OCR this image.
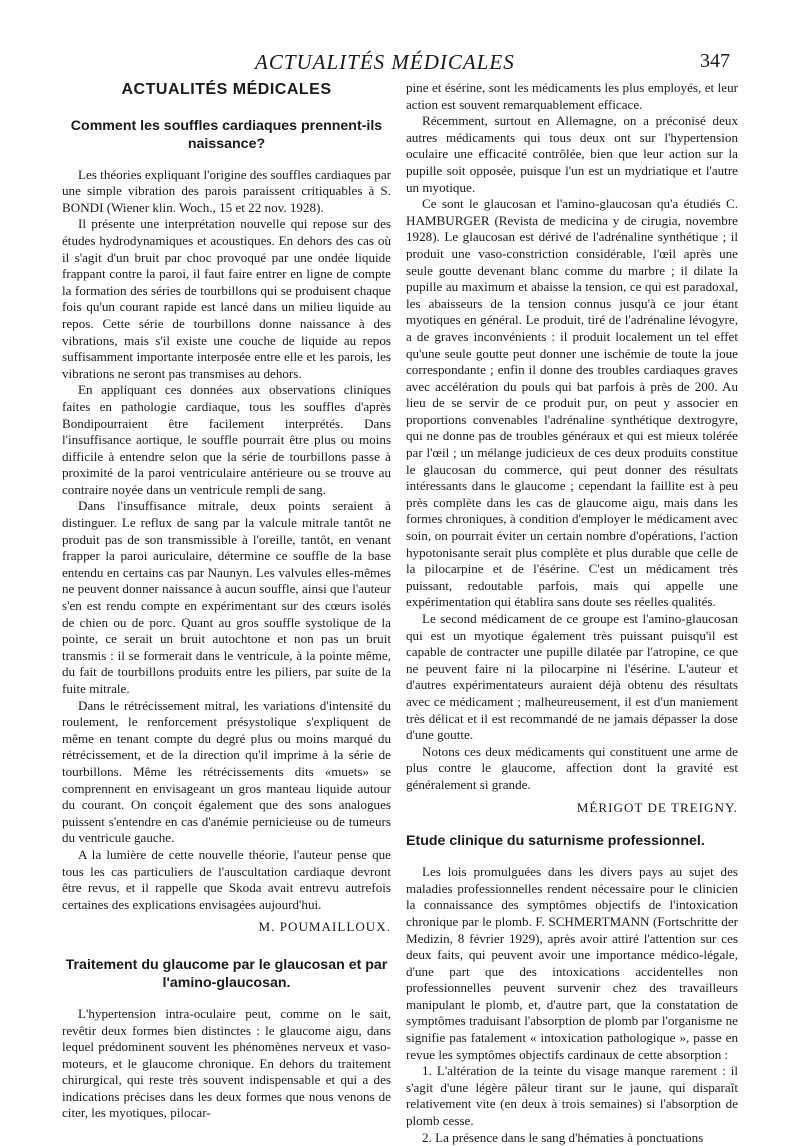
ACTUALITÉS MÉDICALES	347
ACTUALITÉS MÉDICALES
Comment les souffles cardiaques prennent-ils naissance?

Les théories expliquant l'origine des souffles cardiaques par une simple vibration des parois paraissent critiquables à S. BONDI (Wiener klin. Woch., 15 et 22 nov. 1928).

Il présente une interprétation nouvelle qui repose sur des études hydrodynamiques et acoustiques. En dehors des cas où il s'agit d'un bruit par choc provoqué par une ondée liquide frappant contre la paroi, il faut faire entrer en ligne de compte la formation des séries de tourbillons qui se produisent chaque fois qu'un courant rapide est lancé dans un milieu liquide au repos. Cette série de tourbillons donne naissance à des vibrations, mais s'il existe une couche de liquide au repos suffisamment importante interposée entre elle et les parois, les vibrations ne seront pas transmises au dehors.

En appliquant ces données aux observations cliniques faites en pathologie cardiaque, tous les souffles d'après Bondipourraient être facilement interprétés. Dans l'insuffisance aortique, le souffle pourrait être plus ou moins difficile à entendre selon que la série de tourbillons passe à proximité de la paroi ventriculaire antérieure ou se trouve au contraire noyée dans un ventricule rempli de sang.

Dans l'insuffisance mitrale, deux points seraient à distinguer. Le reflux de sang par la valcule mitrale tantôt ne produit pas de son transmissible à l'oreille, tantôt, en venant frapper la paroi auriculaire, détermine ce souffle de la base entendu en certains cas par Naunyn. Les valvules elles-mêmes ne peuvent donner naissance à aucun souffle, ainsi que l'auteur s'en est rendu compte en expérimentant sur des cœurs isolés de chien ou de porc. Quant au gros souffle systolique de la pointe, ce serait un bruit autochtone et non pas un bruit transmis : il se formerait dans le ventricule, à la pointe même, du fait de tourbillons produits entre les piliers, par suite de la fuite mitrale.

Dans le rétrécissement mitral, les variations d'intensité du roulement, le renforcement présystolique s'expliquent de même en tenant compte du degré plus ou moins marqué du rétrécissement, et de la direction qu'il imprime à la série de tourbillons. Même les rétrécissements dits «muets» se comprennent en envisageant un gros manteau liquide autour du courant. On conçoit également que des sons analogues puissent s'entendre en cas d'anémie pernicieuse ou de tumeurs du ventricule gauche.

A la lumière de cette nouvelle théorie, l'auteur pense que tous les cas particuliers de l'auscultation cardiaque devront être revus, et il rappelle que Skoda avait entrevu autrefois certaines des explications envisagées aujourd'hui.

M. POUMAILLOUX.
Traitement du glaucome par le glaucosan et par l'amino-glaucosan.

L'hypertension intra-oculaire peut, comme on le sait, revêtir deux formes bien distinctes : le glaucome aigu, dans lequel prédominent souvent les phénomènes nerveux et vaso-moteurs, et le glaucome chronique. En dehors du traitement chirurgical, qui reste très souvent indispensable et qui a des indications précises dans les deux formes que nous venons de citer, les myotiques, pilocar-

pine et ésérine, sont les médicaments les plus employés, et leur action est souvent remarquablement efficace.

Récemment, surtout en Allemagne, on a préconisé deux autres médicaments qui tous deux ont sur l'hypertension oculaire une efficacité contrôlée, bien que leur action sur la pupille soit opposée, puisque l'un est un mydriatique et l'autre un myotique.

Ce sont le glaucosan et l'amino-glaucosan qu'a étudiés C. HAMBURGER (Revista de medicina y de cirugia, novembre 1928). Le glaucosan est dérivé de l'adrénaline synthétique ; il produit une vaso-constriction considérable, l'œil après une seule goutte devenant blanc comme du marbre ; il dilate la pupille au maximum et abaisse la tension, ce qui est paradoxal, les abaisseurs de la tension connus jusqu'à ce jour étant myotiques en général. Le produit, tiré de l'adrénaline lévogyre, a de graves inconvénients : il produit localement un tel effet qu'une seule goutte peut donner une ischémie de toute la joue correspondante ; enfin il donne des troubles cardiaques graves avec accélération du pouls qui bat parfois à près de 200. Au lieu de se servir de ce produit pur, on peut y associer en proportions convenables l'adrénaline synthétique dextrogyre, qui ne donne pas de troubles généraux et qui est mieux tolérée par l'œil ; un mélange judicieux de ces deux produits constitue le glaucosan du commerce, qui peut donner des résultats intéressants dans le glaucome ; cependant la faillite est à peu près complète dans les cas de glaucome aigu, mais dans les formes chroniques, à condition d'employer le médicament avec soin, on pourrait éviter un certain nombre d'opérations, l'action hypotonisante serait plus complète et plus durable que celle de la pilocarpine et de l'ésérine. C'est un médicament très puissant, redoutable parfois, mais qui appelle une expérimentation qui établira sans doute ses réelles qualités.

Le second médicament de ce groupe est l'amino-glaucosan qui est un myotique également très puissant puisqu'il est capable de contracter une pupille dilatée par l'atropine, ce que ne peuvent faire ni la pilocarpine ni l'ésérine. L'auteur et d'autres expérimentateurs auraient déjà obtenu des résultats avec ce médicament ; malheureusement, il est d'un maniement très délicat et il est recommandé de ne jamais dépasser la dose d'une goutte.

Notons ces deux médicaments qui constituent une arme de plus contre le glaucome, affection dont la gravité est généralement si grande.

MÉRIGOT DE TREIGNY.
Etude clinique du saturnisme professionnel.

Les lois promulguées dans les divers pays au sujet des maladies professionnelles rendent nécessaire pour le clinicien la connaissance des symptômes objectifs de l'intoxication chronique par le plomb. F. SCHMERTMANN (Fortschritte der Medizin, 8 février 1929), après avoir attiré l'attention sur ces deux faits, qui peuvent avoir une importance médico-légale, d'une part que des intoxications accidentelles non professionnelles peuvent survenir chez des travailleurs manipulant le plomb, et, d'autre part, que la constatation de symptômes traduisant l'absorption de plomb par l'organisme ne signifie pas fatalement « intoxication pathologique », passe en revue les symptômes objectifs cardinaux de cette absorption :

1. L'altération de la teinte du visage manque rarement : il s'agit d'une légère pâleur tirant sur le jaune, qui disparaît relativement vite (en deux à trois semaines) si l'absorption de plomb cesse.

2. La présence dans le sang d'hématies à ponctuations
